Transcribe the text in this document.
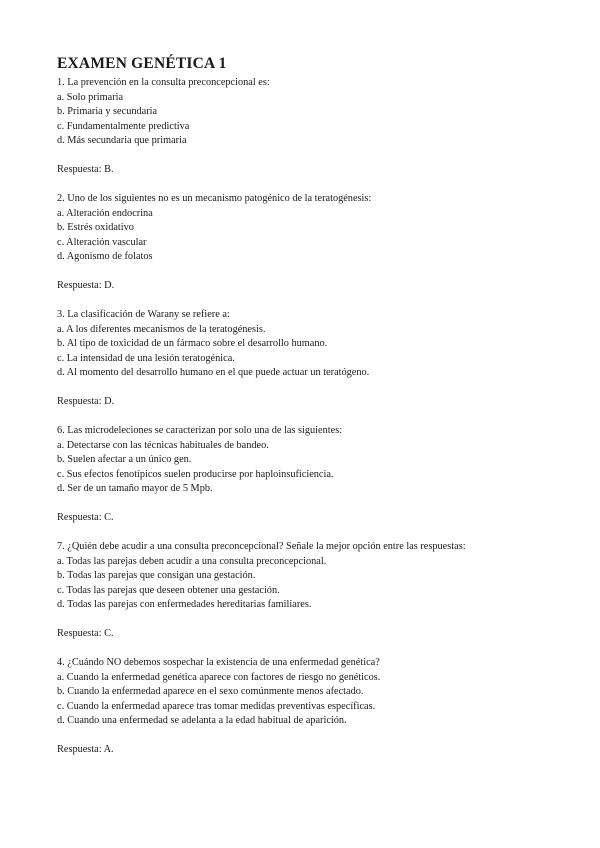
EXAMEN GENÉTICA 1
1. La prevención en la consulta preconcepcional es:
a. Solo primaria
b. Primaria y secundaria
c. Fundamentalmente predictiva
d. Más secundaria que primaria
Respuesta: B.
2. Uno de los siguientes no es un mecanismo patogénico de la teratogénesis:
a. Alteración endocrina
b. Estrés oxidativo
c. Alteración vascular
d. Agonismo de folatos
Respuesta: D.
3. La clasificación de Warany se refiere a:
a. A los diferentes mecanismos de la teratogénesis.
b. Al tipo de toxicidad de un fármaco sobre el desarrollo humano.
c. La intensidad de una lesión teratogénica.
d. Al momento del desarrollo humano en el que puede actuar un teratógeno.
Respuesta: D.
6. Las microdeleciones se caracterizan por solo una de las siguientes:
a. Detectarse con las técnicas habituales de bandeo.
b. Suelen afectar a un único gen.
c. Sus efectos fenotípicos suelen producirse por haploinsuficiencia.
d. Ser de un tamaño mayor de 5 Mpb.
Respuesta: C.
7. ¿Quién debe acudir a una consulta preconcepcional? Señale la mejor opción entre las respuestas:
a. Todas las parejas deben acudir a una consulta preconcepcional.
b. Todas las parejas que consigan una gestación.
c. Todas las parejas que deseen obtener una gestación.
d. Todas las parejas con enfermedades hereditarias familiares.
Respuesta: C.
4. ¿Cuándo NO debemos sospechar la existencia de una enfermedad genética?
a. Cuando la enfermedad genética aparece con factores de riesgo no genéticos.
b. Cuando la enfermedad aparece en el sexo comúnmente menos afectado.
c. Cuando la enfermedad aparece tras tomar medidas preventivas específicas.
d. Cuando una enfermedad se adelanta a la edad habitual de aparición.
Respuesta: A.
